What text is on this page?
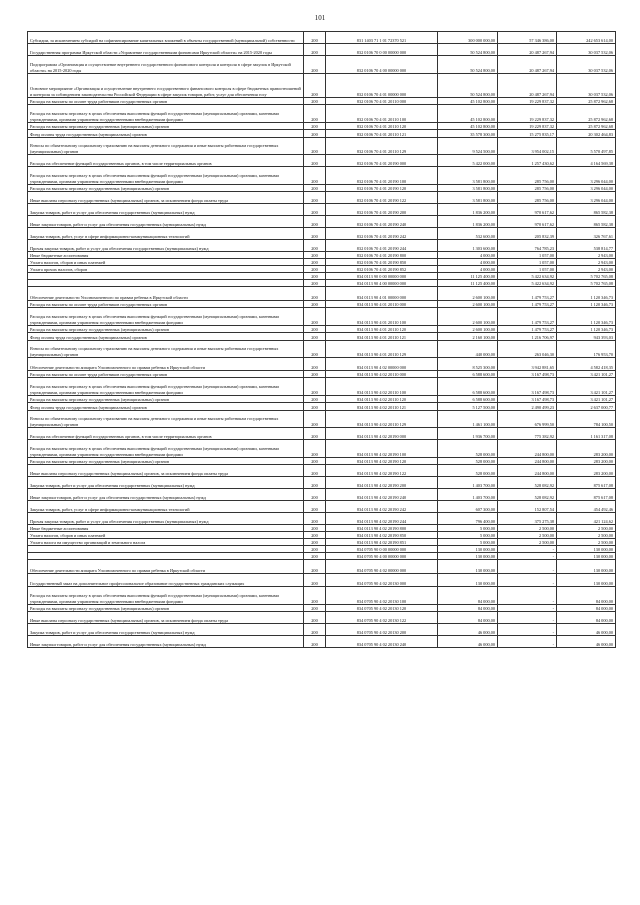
101
Субсидии, за исключением субсидий на софинансирование капитальных вложений в объекты государственной (муниципальной) собственности	200	831 1403 71 1 01 72370 521	300 000 000,00	57 346 386,00	242 653 614,00
Государственная программа Иркутской области «Управление государственными финансами Иркутской области» на 2015-2020 годы	200	832 0106 70 0 00 00000 000	50 524 800,00	20 487 267,94	30 037 532,06
Подпрограмма «Организация и осуществление внутреннего государственного финансового контроля и контроля в сфере закупок в Иркутской области» на 2015-2020 годы	200	832 0106 70 4 00 00000 000	50 524 800,00	20 487 267,94	30 037 532,06
Основное мероприятие «Организация и осуществление внутреннего государственного финансового контроля в сфере бюджетных правоотношений и контроля за соблюдением законодательства Российской Федерации в сфере закупок товаров, работ, услуг для обеспечения госу	200	832 0106 70 4 01 00000 000	50 524 800,00	20 487 267,94	30 037 532,06
Расходы на выплаты по оплате труда работников государственных органов	200	832 0106 70 4 01 20110 000	45 102 800,00	19 229 837,32	25 872 962,68
Расходы на выплаты персоналу в целях обеспечения выполнения функций государственными (муниципальными) органами, казенными учреждениями, органами управления государственными внебюджетными фондами	200	832 0106 70 4 01 20110 100	45 102 800,00	19 229 837,32	25 872 962,68
Расходы на выплаты персоналу государственных (муниципальных) органов	200	832 0106 70 4 01 20110 120	45 102 800,00	19 229 837,32	25 872 962,68
Фонд оплаты труда государственных (муниципальных) органов	200	832 0106 70 4 01 20110 121	35 578 300,00	15 275 835,17	20 302 464,83
Взносы по обязательному социальному страхованию на выплаты денежного содержания и иные выплаты работникам государственных (муниципальных) органов	200	832 0106 70 4 01 20110 129	9 524 500,00	3 954 002,15	5 570 497,85
Расходы на обеспечение функций государственных органов, в том числе территориальных органов	200	832 0106 70 4 01 20190 000	5 422 000,00	1 257 430,62	4 164 569,38
Расходы на выплаты персоналу в целях обеспечения выполнения функций государственными (муниципальными) органами, казенными учреждениями, органами управления государственными внебюджетными фондами	200	832 0106 70 4 01 20190 100	3 581 800,00	285 756,00	3 296 044,00
Расходы на выплаты персоналу государственных (муниципальных) органов	200	832 0106 70 4 01 20190 120	3 581 800,00	285 756,00	3 296 044,00
Иные выплаты персоналу государственных (муниципальных) органов, за исключением фонда оплаты труда	200	832 0106 70 4 01 20190 122	3 581 800,00	285 756,00	3 296 044,00
Закупка товаров, работ и услуг для обеспечения государственных (муниципальных) нужд	200	832 0106 70 4 01 20190 200	1 836 200,00	970 617,62	865 582,38
Иные закупки товаров, работ и услуг для обеспечения государственных (муниципальных) нужд	200	832 0106 70 4 01 20190 240	1 836 200,00	970 617,62	865 582,38
Закупка товаров, работ, услуг в сфере информационно-коммуникационных технологий	200	832 0106 70 4 01 20190 242	532 600,00	205 832,39	326 767,61
Прочая закупка товаров, работ и услуг для обеспечения государственных (муниципальных) нужд	200	832 0106 70 4 01 20190 244	1 303 600,00	764 785,23	538 814,77
Иные бюджетные ассигнования	200	832 0106 70 4 01 20190 800	4 000,00	1 057,00	2 943,00
Уплата налогов, сборов и иных платежей	200	832 0106 70 4 01 20190 850	4 000,00	1 057,00	2 943,00
Уплата прочих налогов, сборов	200	832 0106 70 4 01 20190 852	4 000,00	1 057,00	2 943,00
	200	834 0113 90 0 00 00000 000	11 125 400,00	5 422 634,92	5 702 765,08
	200	834 0113 90 4 00 00000 000	11 125 400,00	5 422 634,92	5 702 765,08
Обеспечение деятельности Уполномоченного по правам ребенка в Иркутской области	200	834 0113 90 4 01 00000 000	2 600 100,00	1 479 753,27	1 120 346,73
Расходы на выплаты по оплате труда работников государственных органов	200	834 0113 90 4 01 20110 000	2 600 100,00	1 479 753,27	1 120 346,73
Расходы на выплаты персоналу в целях обеспечения выполнения функций государственными (муниципальными) органами, казенными учреждениями, органами управления государственными внебюджетными фондами	200	834 0113 90 4 01 20110 100	2 600 100,00	1 479 753,27	1 120 346,73
Расходы на выплаты персоналу государственных (муниципальных) органов	200	834 0113 90 4 01 20110 120	2 600 100,00	1 479 753,27	1 120 346,73
Фонд оплаты труда государственных (муниципальных) органов	200	834 0113 90 4 01 20110 121	2 160 100,00	1 216 706,97	943 393,03
Взносы по обязательному социальному страхованию на выплаты денежного содержания и иные выплаты работникам государственных (муниципальных) органов	200	834 0113 90 4 01 20110 129	440 000,00	263 046,30	176 953,70
Обеспечение деятельности аппарата Уполномоченного по правам ребенка в Иркутской области	200	834 0113 90 4 02 00000 000	8 525 300,00	3 942 881,65	4 582 418,35
Расходы на выплаты по оплате труда работников государственных органов	200	834 0113 90 4 02 20110 000	6 588 600,00	3 167 498,73	3 421 101,27
Расходы на выплаты персоналу в целях обеспечения выполнения функций государственными (муниципальными) органами, казенными учреждениями, органами управления государственными внебюджетными фондами	200	834 0113 90 4 02 20110 100	6 588 600,00	3 167 498,73	3 421 101,27
Расходы на выплаты персоналу государственных (муниципальных) органов	200	834 0113 90 4 02 20110 120	6 588 600,00	3 167 498,73	3 421 101,27
Фонд оплаты труда государственных (муниципальных) органов	200	834 0113 90 4 02 20110 121	5 127 500,00	2 490 499,23	2 637 000,77
Взносы по обязательному социальному страхованию на выплаты денежного содержания и иные выплаты работникам государственных (муниципальных) органов	200	834 0113 90 4 02 20110 129	1 461 100,00	676 999,50	784 100,50
Расходы на обеспечение функций государственных органов, в том числе территориальных органов	200	834 0113 90 4 02 20190 000	1 936 700,00	775 382,92	1 161 317,08
Расходы на выплаты персоналу в целях обеспечения выполнения функций государственными (муниципальными) органами, казенными учреждениями, органами управления государственными внебюджетными фондами	200	834 0113 90 4 02 20190 100	528 000,00	244 800,00	283 200,00
Расходы на выплаты персоналу государственных (муниципальных) органов	200	834 0113 90 4 02 20190 120	528 000,00	244 800,00	283 200,00
Иные выплаты персоналу государственных (муниципальных) органов, за исключением фонда оплаты труда	200	834 0113 90 4 02 20190 122	528 000,00	244 800,00	283 200,00
Закупка товаров, работ и услуг для обеспечения государственных (муниципальных) нужд	200	834 0113 90 4 02 20190 200	1 403 700,00	528 082,92	875 617,08
Иные закупки товаров, работ и услуг для обеспечения государственных (муниципальных) нужд	200	834 0113 90 4 02 20190 240	1 403 700,00	528 082,92	875 617,08
Закупка товаров, работ, услуг в сфере информационно-коммуникационных технологий	200	834 0113 90 4 02 20190 242	607 300,00	152 807,54	454 492,46
Прочая закупка товаров, работ и услуг для обеспечения государственных (муниципальных) нужд	200	834 0113 90 4 02 20190 244	796 400,00	375 275,38	421 124,62
Иные бюджетные ассигнования	200	834 0113 90 4 02 20190 800	5 000,00	2 500,00	2 500,00
Уплата налогов, сборов и иных платежей	200	834 0113 90 4 02 20190 850	5 000,00	2 500,00	2 500,00
Уплата налога на имущество организаций и земельного налога	200	834 0113 90 4 02 20190 851	5 000,00	2 500,00	2 500,00
	200	834 0705 90 0 00 00000 000	130 000,00	-	130 000,00
	200	834 0705 90 4 00 00000 000	130 000,00	-	130 000,00
Обеспечение деятельности аппарата Уполномоченного по правам ребенка в Иркутской области	200	834 0705 90 4 02 00000 000	130 000,00	-	130 000,00
Государственный заказ на дополнительное профессиональное образование государственных гражданских служащих	200	834 0705 90 4 02 20130 000	130 000,00	-	130 000,00
Расходы на выплаты персоналу в целях обеспечения выполнения функций государственными (муниципальными) органами, казенными учреждениями, органами управления государственными внебюджетными фондами	200	834 0705 90 4 02 20130 100	84 000,00	-	84 000,00
Расходы на выплаты персоналу государственных (муниципальных) органов	200	834 0705 90 4 02 20130 120	84 000,00	-	84 000,00
Иные выплаты персоналу государственных (муниципальных) органов, за исключением фонда оплаты труда	200	834 0705 90 4 02 20130 122	84 000,00	-	84 000,00
Закупка товаров, работ и услуг для обеспечения государственных (муниципальных) нужд	200	834 0705 90 4 02 20130 200	46 000,00	-	46 000,00
Иные закупки товаров, работ и услуг для обеспечения государственных (муниципальных) нужд	200	834 0705 90 4 02 20130 240	46 000,00	-	46 000,00
